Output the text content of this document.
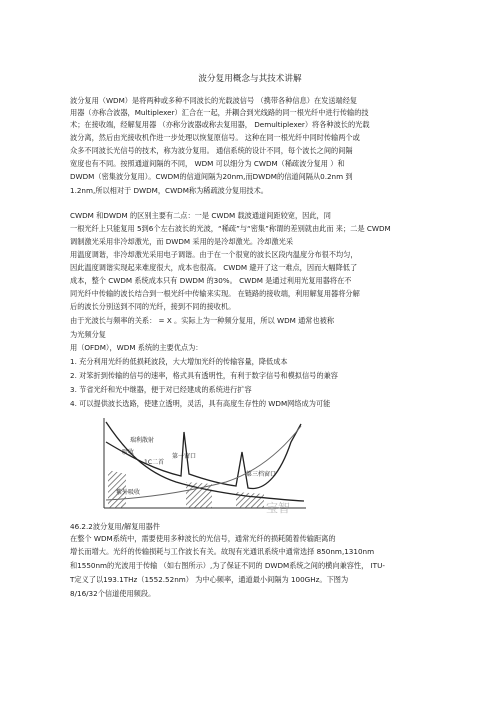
波分复用概念与其技术讲解
波分复用（WDM）是将两种或多种不同波长的光载波信号 （携带各种信息）在发送端经复
用器（亦称合波器，Multiplexer）汇合在一起，并耦合到光线路的同一根光纤中进行传输的技
术；在接收端，经解复用器 （亦称分波器或称去复用器， Demultiplexer）将各种波长的光载
波分离，然后由光接收机作进一步处理以恢复原信号。 这种在同一根光纤中同时传输两个或
众多不同波长光信号的技术，称为波分复用。 通信系统的设计不同，每个波长之间的间隔
宽度也有不同。按照通道间隔的不同， WDM 可以细分为 CWDM（稀疏波分复用 ）和
DWDM（密集波分复用）。CWDM的信道间隔为20nm,而DWDM的信道间隔从0.2nm 到
1.2nm,所以相对于 DWDM，CWDM称为稀疏波分复用技术。
CWDM 和DWDM 的区别主要有二点：一是 CWDM 载波通道间距较宽，因此，同
一根光纤上只能复用 5到6个左右波长的光波，“稀疏”与“密集”称谓的差别就由此而 来；二是 CWDM
调制激光采用非冷却激光，而 DWDM 采用的是冷却激光。冷却激光采
用温度调谐，非冷却激光采用电子调谐。由于在一个很宽的波长区段内温度分布很不均匀，
因此温度调谐实现起来难度很大，成本也很高。 CWDM 避开了这一难点，因而大幅降低了
成本，整个 CWDM 系统成本只有 DWDM 的30%。 CWDM 是通过利用光复用器将在不
同光纤中传输的波长结合到一根光纤中传输来实现。 在链路的接收端，利用解复用器将分解
后的波长分别送到不同的光纤，接到不同的接收机。
由于光波长与频率的关系： = X 。实际上为一种频分复用，所以 WDM 通常也被称
为光频分复
用（OFDM），WDM 系统的主要优点为：
1. 充分利用光纤的低损耗波段，大大增加光纤的传输容量，降低成本
2. 对笨折到传输的信号的速率，格式具有透明性，有利于数字信号和模拟信号的兼容
3. 节省光纤和光中继器，便于对已经建成的系统进行扩容
4. 可以提供波长选路，使建立透明，灵活，具有高度生存性的 WDM网络成为可能
瑞利散射
吸收
1C二首
第一窗口
第三档窗口
紫外吸收
宝智
46.2.2波分复用/解复用器件
在整个 WDM系统中，需要使用多种波长的光信号，通常光纤的损耗随着传输距离的
增长而增大。光纤的传输损耗与工作波长有关。故现有光通讯系统中通常选择 850nm,1310nm
和1550nm的光波用于传输 （如右图所示）,为了保证不同的 DWDM系统之间的横向兼容性， ITU-
T定义了以193.1THz（1552.52nm） 为中心频率，通道最小间隔为 100GHz。下图为
8/16/32个信道使用频段。
